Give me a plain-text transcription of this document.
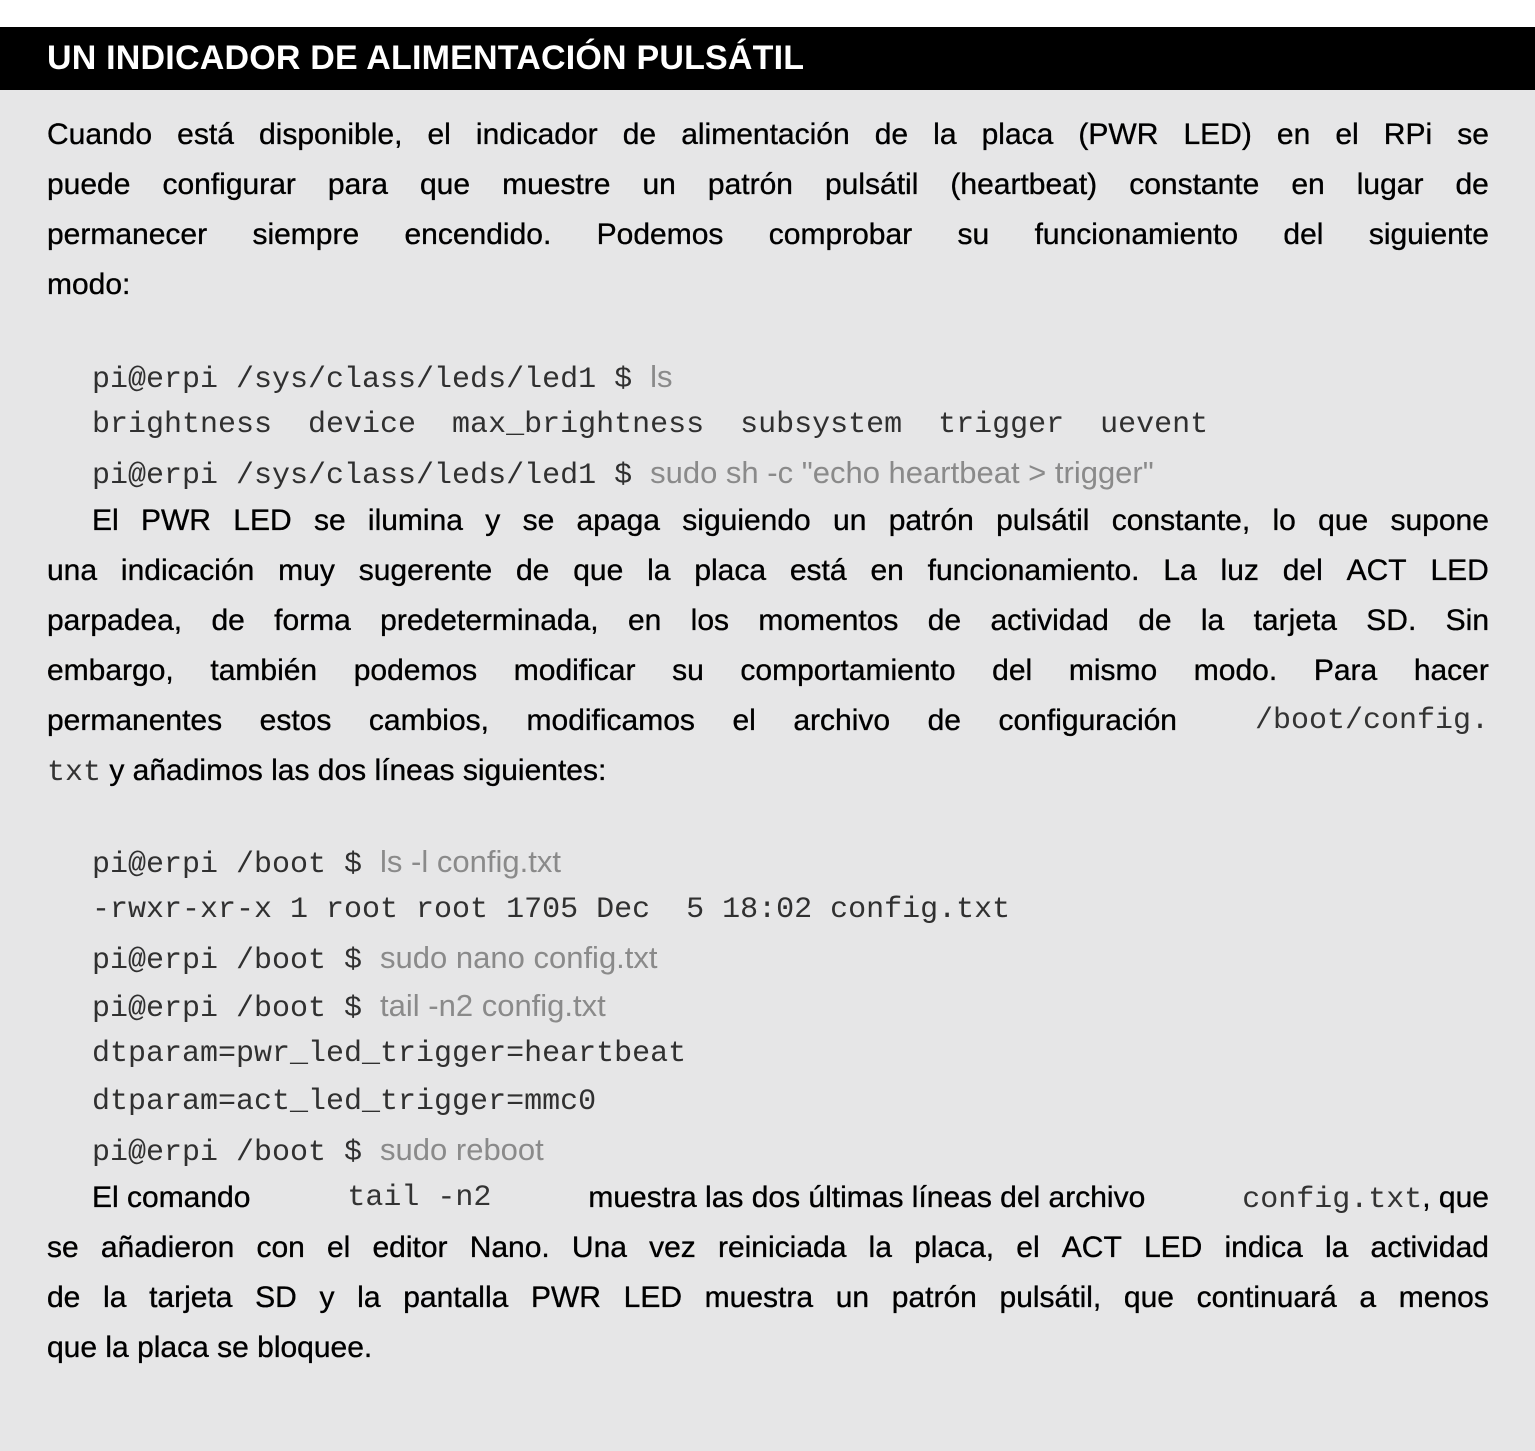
UN INDICADOR DE ALIMENTACIÓN PULSÁTIL
Cuando está disponible, el indicador de alimentación de la placa (PWR LED) en el RPi se
puede configurar para que muestre un patrón pulsátil (heartbeat) constante en lugar de
permanecer siempre encendido. Podemos comprobar su funcionamiento del siguiente
modo:
pi@erpi /sys/class/leds/led1 $ ls
brightness  device  max_brightness  subsystem  trigger  uevent
pi@erpi /sys/class/leds/led1 $ sudo sh -c "echo heartbeat > trigger"
El PWR LED se ilumina y se apaga siguiendo un patrón pulsátil constante, lo que supone
una indicación muy sugerente de que la placa está en funcionamiento. La luz del ACT LED
parpadea, de forma predeterminada, en los momentos de actividad de la tarjeta SD. Sin
embargo, también podemos modificar su comportamiento del mismo modo. Para hacer
permanentes estos cambios, modificamos el archivo de configuración	/boot/config.
txt y añadimos las dos líneas siguientes:
pi@erpi /boot $ ls -l config.txt
-rwxr-xr-x 1 root root 1705 Dec  5 18:02 config.txt
pi@erpi /boot $ sudo nano config.txt
pi@erpi /boot $ tail -n2 config.txt
dtparam=pwr_led_trigger=heartbeat
dtparam=act_led_trigger=mmc0
pi@erpi /boot $ sudo reboot
El comando	tail -n2	muestra las dos últimas líneas del archivo	config.txt, que
se añadieron con el editor Nano. Una vez reiniciada la placa, el ACT LED indica la actividad
de la tarjeta SD y la pantalla PWR LED muestra un patrón pulsátil, que continuará a menos
que la placa se bloquee.
